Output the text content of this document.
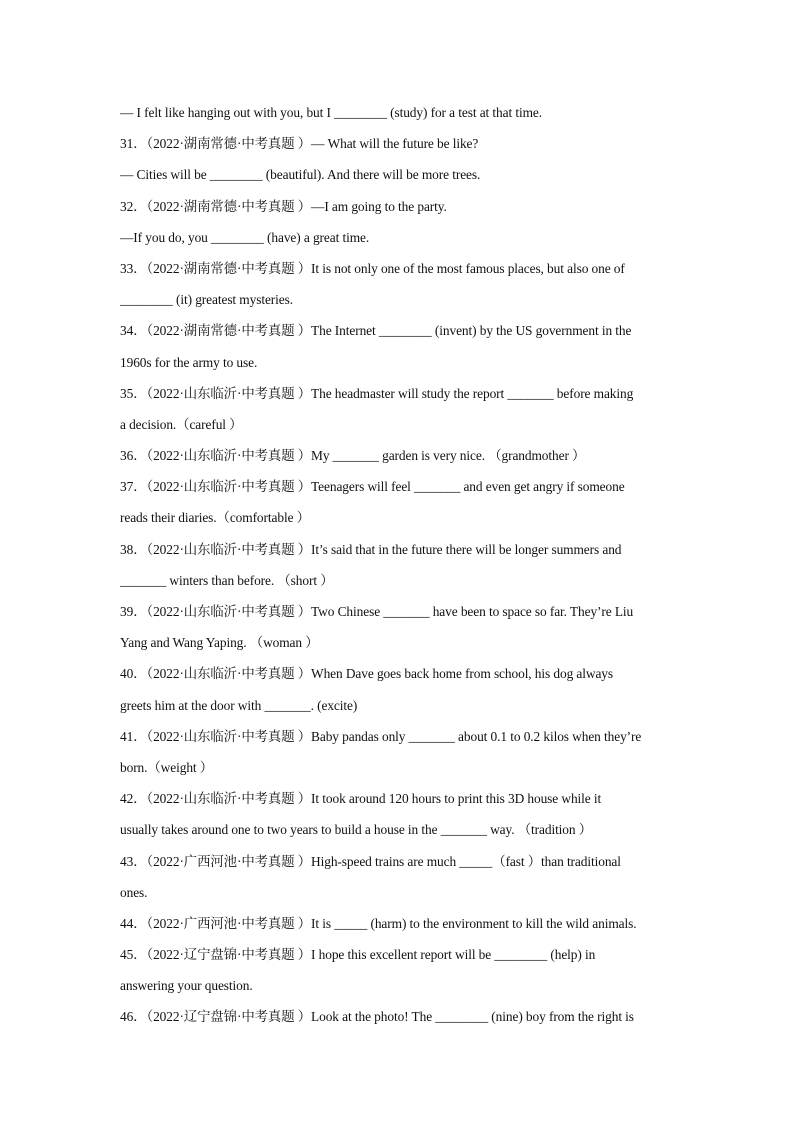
— I felt like hanging out with you, but I ________ (study) for a test at that time.
31．（2022·湖南常德·中考真题 ）— What will the future be like?
— Cities will be ________ (beautiful). And there will be more trees.
32．（2022·湖南常德·中考真题 ）—I am going to the party.
—If you do, you ________ (have) a great time.
33．（2022·湖南常德·中考真题 ）It is not only one of the most famous places, but also one of
________ (it) greatest mysteries.
34．（2022·湖南常德·中考真题 ）The Internet ________ (invent) by the US government in the
1960s for the army to use.
35．（2022·山东临沂·中考真题 ）The headmaster will study the report _______ before making
a decision.（careful ）
36．（2022·山东临沂·中考真题 ）My _______ garden is very nice. （grandmother ）
37．（2022·山东临沂·中考真题 ）Teenagers will feel _______ and even get angry if someone
reads their diaries.（comfortable ）
38．（2022·山东临沂·中考真题 ）It’s said that in the future there will be longer summers and
_______ winters than before. （short ）
39．（2022·山东临沂·中考真题 ）Two Chinese _______ have been to space so far. They’re Liu
Yang and Wang Yaping. （woman ）
40．（2022·山东临沂·中考真题 ）When Dave goes back home from school, his dog always
greets him at the door with _______. (excite)
41．（2022·山东临沂·中考真题 ）Baby pandas only _______ about 0.1 to 0.2 kilos when they’re
born.（weight ）
42．（2022·山东临沂·中考真题 ）It took around 120 hours to print this 3D house while it
usually takes around one to two years to build a house in the _______ way. （tradition ）
43．（2022·广西河池·中考真题 ）High-speed trains are much _____（fast ）than traditional
ones.
44．（2022·广西河池·中考真题 ）It is _____ (harm) to the environment to kill the wild animals.
45．（2022·辽宁盘锦·中考真题 ）I hope this excellent report will be ________ (help) in
answering your question.
46．（2022·辽宁盘锦·中考真题 ）Look at the photo! The ________ (nine) boy from the right is
